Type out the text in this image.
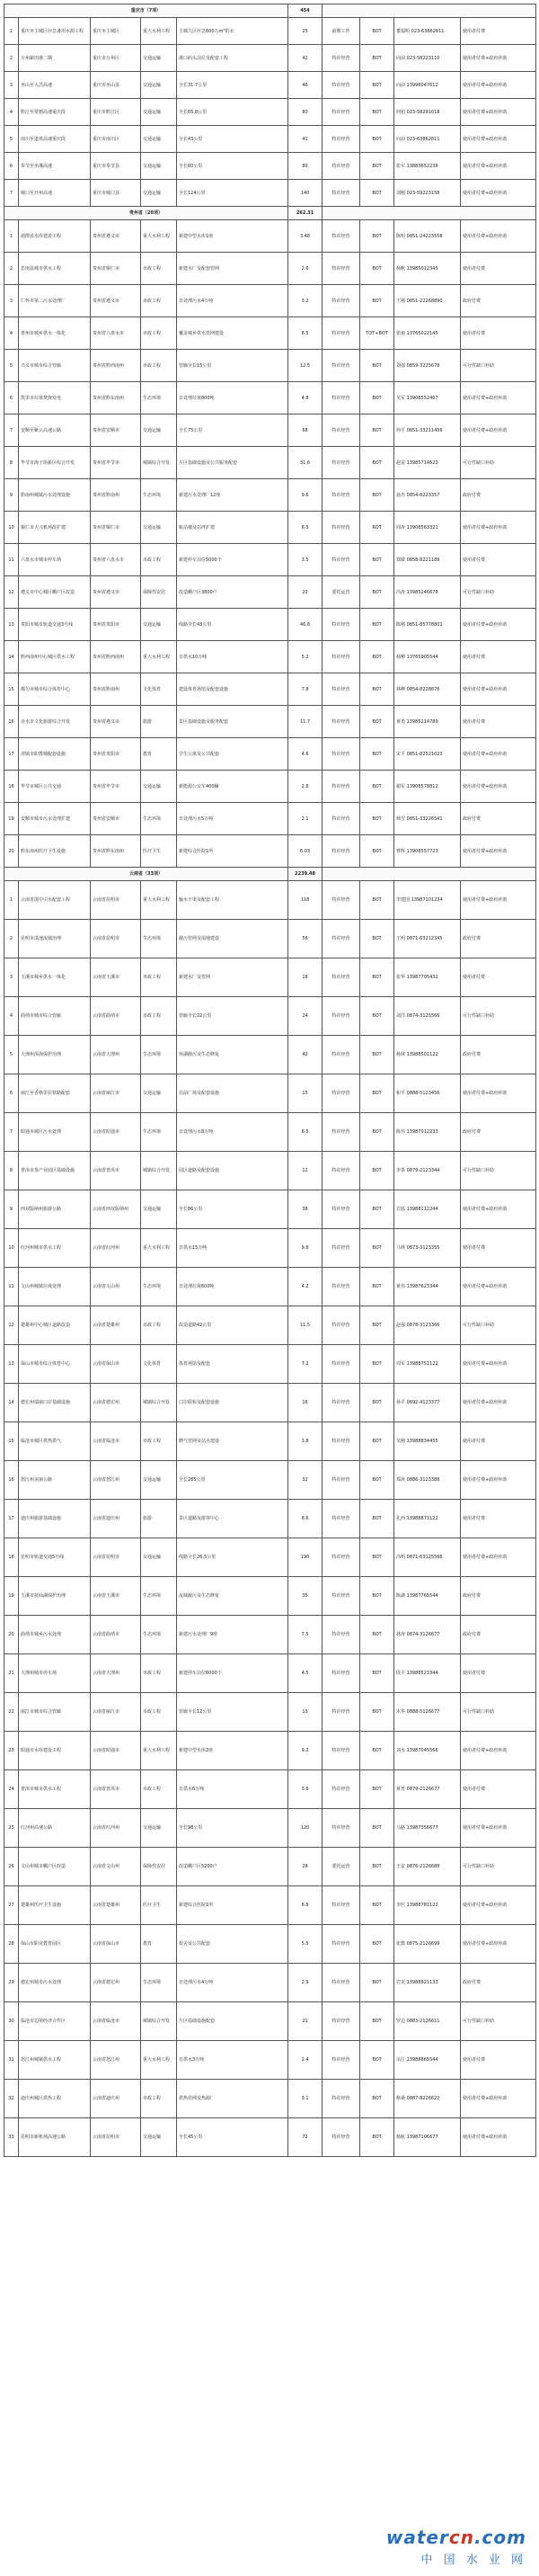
重庆市（7项）					454				
1	重庆市主城区应急备用水源工程	重庆市主城区	重大水利工程	主城九区应急600万m³供水	25	前期工作	BOT	董福明 023-63862811	使用者付费
2	万州新田港二期	重庆市万州区	交通运输	港口码头泊位及配套工程	42	特许经营	BOT	向前 023-58223110	使用者付费+政府补助
3	巫山至大昌高速	重庆市巫山县	交通运输	全长31.7公里	46	特许经营	BOT	向前 13996047612	使用者付费+政府补助
4	黔江至常德高速重庆段	重庆市黔江区	交通运输	全长65.8公里	80	特许经营	BOT	何旭 023-58291018	使用者付费+政府补助
5	南川至道真高速重庆段	重庆市南川区	交通运输	全长43公里	41	特许经营	BOT	向前 023-63862811	使用者付费+政府补助
6	奉节至巫溪高速	重庆市奉节县	交通运输	全长60公里	80	特许经营	BOT	张军 13883652236	使用者付费+政府补助
7	城口至开州高速	重庆市城口县	交通运输	全长124公里	140	特许经营	BOT	刘刚 023-59223158	使用者付费+政府补助
贵州省（20项）					262.31				
1	湄潭县水库建设工程	贵州省遵义市	重大水利工程	新建中型水库1座	3.48	特许经营	BOT	陈明 0851-24223558	使用者付费+政府补助
2	思南县城市供水工程	贵州省铜仁市	市政工程	新建水厂及配套管网	2.6	特许经营	BOT	杨帆 13985012345	使用者付费
3	仁怀市第二污水处理厂	贵州省遵义市	市政工程	日处理污水4万吨	3.2	特许经营	BOT	王刚 0851-22268890	政府付费
4	盘州市城乡供水一体化	贵州省六盘水市	市政工程	覆盖城乡供水管网建设	8.5	特许经营	TOT+BOT	张丽 13765022145	使用者付费
5	兴义市城市综合管廊	贵州省黔西南州	市政工程	管廊全长15公里	12.5	特许经营	BOT	刘强 0859-3225678	可行性缺口补助
6	凯里市垃圾焚烧发电	贵州省黔东南州	生态环境	日处理垃圾800吨	4.8	特许经营	BOT	吴军 13908552467	使用者付费+政府补助
7	安顺至紫云高速公路	贵州省安顺市	交通运输	全长75公里	68	特许经营	BOT	何平 0851-33211456	使用者付费+政府补助
8	毕节市海子街新区综合开发	贵州省毕节市	城镇综合开发	片区基础设施及公共服务配套	31.6	特许经营	BOT	赵雷 13985714523	可行性缺口补助
9	黔南州城镇污水处理设施	贵州省黔南州	生态环境	新建污水处理厂12座	9.6	特许经营	BOT	孙杰 0854-8223357	政府付费
10	铜仁市大兴机场改扩建	贵州省铜仁市	交通运输	航站楼及站坪扩建	6.5	特许经营	ROT	周涛 13908563321	使用者付费+政府补助
11	六盘水市城市停车场	贵州省六盘水市	市政工程	新建停车泊位5000个	3.5	特许经营	BOT	郑敏 0858-8221189	使用者付费
12	遵义市中心城区棚户区改造	贵州省遵义市	保障性安居	改造棚户区3800户	22	委托运营	BOT	冯涛 13985246678	可行性缺口补助
13	贵阳市城市轨道交通3号线	贵州省贵阳市	交通运输	线路全长43公里	46.8	特许经营	BOT	陈刚 0851-85778801	使用者付费+政府补助
14	黔西南州中心城区供水工程	贵州省黔西南州	重大水利工程	日供水10万吨	5.2	特许经营	BOT	杨柳 13765905544	使用者付费
15	都匀市城市综合体育中心	贵州省黔南州	文化体育	建设体育场馆及配套设施	7.8	特许经营	BOT	林峰 0854-8228876	使用者付费+政府补助
16	赤水市文化旅游综合开发	贵州省遵义市	旅游	景区基础设施及服务配套	11.7	特许经营	BOT	黄勇 13985214789	使用者付费
17	清镇市职教城配套设施	贵州省贵阳市	教育	学生公寓及公共配套	4.6	特许经营	BOT	宋平 0851-82521023	使用者付费+政府补助
18	毕节市城区公共交通	贵州省毕节市	交通运输	新能源公交车400辆	2.8	特许经营	BOT	谢军 13908578812	使用者付费+政府补助
19	安顺市城市污水处理扩建	贵州省安顺市	生态环境	日处理污水5万吨	2.1	特许经营	BOT	韩雪 0851-33226541	政府付费
20	黔东南州医疗卫生设施	贵州省黔东南州	医疗卫生	新建综合医院1所	6.03	特许经营	BOT	曹辉 13908557723	使用者付费+政府补助
云南省（33项）					2239.48				
1	云南省滇中引水配套工程	云南省昆明市	重大水利工程	输水干渠及配套工程	118	特许经营	BOT	李建国 13987101234	使用者付费+政府补助
2	昆明市滇池流域治理	云南省昆明市	生态环境	截污管网及湿地建设	56	特许经营	BOT	王明 0871-63212345	政府付费
3	玉溪市城乡供水一体化	云南省玉溪市	市政工程	新建水厂及管网	18	特许经营	BOT	张华 13987705432	使用者付费
4	曲靖市城市综合管廊	云南省曲靖市	市政工程	管廊全长22公里	24	特许经营	BOT	刘洋 0874-3125566	可行性缺口补助
5	大理州洱海保护治理	云南省大理州	生态环境	环湖截污及生态修复	42	特许经营	BOT	杨林 13988501122	政府付费
6	丽江至香格里拉铁路配套	云南省丽江市	交通运输	站前广场及配套设施	15	特许经营	BOT	和平 0888-5123456	使用者付费+政府补助
7	昭通市城区污水处理	云南省昭通市	生态环境	日处理污水8万吨	6.5	特许经营	BOT	陈伟 13987012233	政府付费
8	普洱市茶产业园区基础设施	云南省普洱市	城镇综合开发	园区道路及配套设施	12	特许经营	BOT	李茶 0879-2123344	可行性缺口补助
9	西双版纳州旅游公路	云南省西双版纳州	交通运输	全长86公里	38	特许经营	BOT	岩温 13988112244	使用者付费+政府补助
10	红河州城市供水工程	云南省红河州	重大水利工程	日供水15万吨	9.8	特许经营	BOT	马林 0873-3123355	使用者付费
11	文山州城镇垃圾处理	云南省文山州	生态环境	日处理垃圾600吨	4.2	特许经营	BOT	黄伟 13987623344	使用者付费+政府补助
12	楚雄州中心城区道路改造	云南省楚雄州	市政工程	改造道路42公里	11.5	特许经营	BOT	赵强 0878-3123366	可行性缺口补助
13	保山市城市综合体育中心	云南省保山市	文化体育	体育场馆及配套	7.2	特许经营	BOT	周军 13988751122	使用者付费+政府补助
14	德宏州瑞丽口岸基础设施	云南省德宏州	城镇综合开发	口岸联检及配套设施	16	特许经营	BOT	孙平 0692-4123377	使用者付费+政府补助
15	临沧市城区供热供气	云南省临沧市	市政工程	燃气管网及站点建设	3.8	特许经营	BOT	吴刚 13988834455	使用者付费
16	怒江州美丽公路	云南省怒江州	交通运输	全长285公里	32	特许经营	BOT	郑涛 0886-3123388	使用者付费+政府补助
17	迪庆州旅游基础设施	云南省迪庆州	旅游	景区道路及游客中心	8.6	特许经营	BOT	扎西 13988871122	使用者付费
18	昆明市轨道交通5号线	云南省昆明市	交通运输	线路全长26.5公里	190	特许经营	BOT	冯明 0871-63125566	使用者付费+政府补助
19	玉溪市抚仙湖保护治理	云南省玉溪市	生态环境	流域截污及生态修复	35	特许经营	BOT	陈湖 13987765544	政府付费
20	曲靖市城乡污水处理	云南省曲靖市	生态环境	新建污水处理厂9座	7.5	特许经营	BOT	林涛 0874-3126677	政府付费
21	大理州城市停车场	云南省大理州	市政工程	新建停车泊位6000个	4.5	特许经营	BOT	段平 13988523344	使用者付费
22	丽江市城市综合管廊	云南省丽江市	市政工程	管廊全长12公里	13	特许经营	BOT	木华 0888-5126677	可行性缺口补助
23	昭通市水库建设工程	云南省昭通市	重大水利工程	新建中型水库2座	9.2	特许经营	BOT	刘水 13987045566	使用者付费+政府补助
24	普洱市城市供水工程	云南省普洱市	市政工程	日供水6万吨	3.6	特许经营	BOT	黄普 0879-2126677	使用者付费
25	红河州高速公路	云南省红河州	交通运输	全长98公里	120	特许经营	BOT	马路 13987356677	使用者付费+政府补助
26	文山州城市棚户区改造	云南省文山州	保障性安居	改造棚户区5200户	28	委托运营	BOT	王安 0876-2126688	可行性缺口补助
27	楚雄州医疗卫生设施	云南省楚雄州	医疗卫生	新建综合医院1所	6.8	特许经营	BOT	李医 13988781122	使用者付费+政府补助
28	保山市职业教育园区	云南省保山市	教育	校舍及公共配套	5.5	特许经营	BOT	张教 0875-2126699	使用者付费+政府补助
29	德宏州城市污水处理	云南省德宏州	生态环境	日处理污水4万吨	2.9	特许经营	BOT	岩龙 13988921133	政府付费
30	临沧市边境经济合作区	云南省临沧市	城镇综合开发	片区基础设施配套	21	特许经营	BOT	罗边 0883-2126611	可行性缺口补助
31	怒江州城镇供水工程	云南省怒江州	重大水利工程	日供水3万吨	2.4	特许经营	BOT	余江 13988865544	使用者付费
32	迪庆州城区供热工程	云南省迪庆州	市政工程	供热管网及热源厂	3.1	特许经营	BOT	格桑 0887-8226622	使用者付费+政府补助
33	昆明市新机场高速公路	云南省昆明市	交通运输	全长45公里	72	特许经营	BOT	杨航 13987106677	使用者付费+政府补助
watercn.com
中 国 水 业 网
